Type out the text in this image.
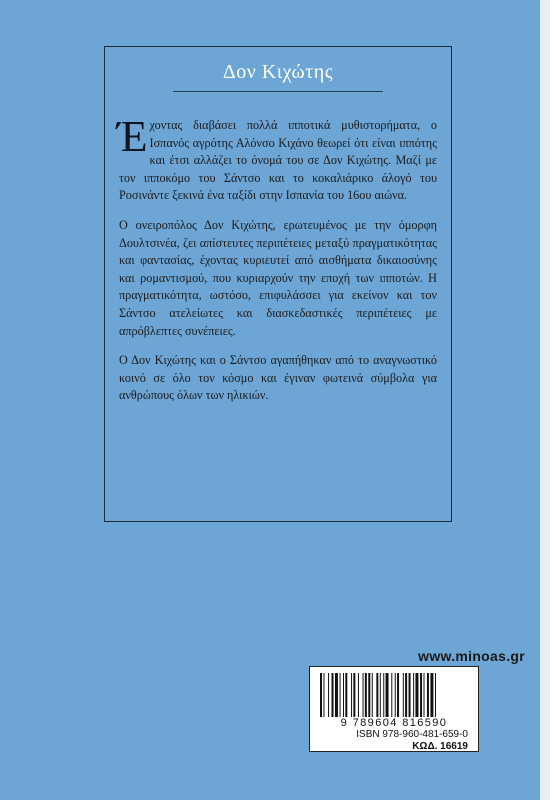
Δον Κιχώτης

Έχοντας διαβάσει πολλά ιπποτικά μυθιστορήματα, ο Ισπανός αγρότης Αλόνσο Κιχάνο θεωρεί ότι είναι ιππότης και έτσι αλλάζει το όνομά του σε Δον Κιχώτης. Μαζί με τον ιπποκόμο του Σάντσο και το κοκαλιάρικο άλογό του Ροσινάντε ξεκινά ένα ταξίδι στην Ισπανία του 16ου αιώνα.

Ο ονειροπόλος Δον Κιχώτης, ερωτευμένος με την όμορφη Δουλτσινέα, ζει απίστευτες περιπέτειες μεταξύ πραγματικότητας και φαντασίας, έχοντας κυριευτεί από αισθήματα δικαιοσύνης και ρομαντισμού, που κυριαρχούν την εποχή των ιπποτών. Η πραγματικότητα, ωστόσο, επιφυλάσσει για εκείνον και τον Σάντσο ατελείωτες και διασκεδαστικές περιπέτειες με απρόβλεπτες συνέπειες.

Ο Δον Κιχώτης και ο Σάντσο αγαπήθηκαν από το αναγνωστικό κοινό σε όλο τον κόσμο και έγιναν φωτεινά σύμβολα για ανθρώπους όλων των ηλικιών.

www.minoas.gr
9 789604 816590
ISBN 978-960-481-659-0
ΚΩΔ. 16619
